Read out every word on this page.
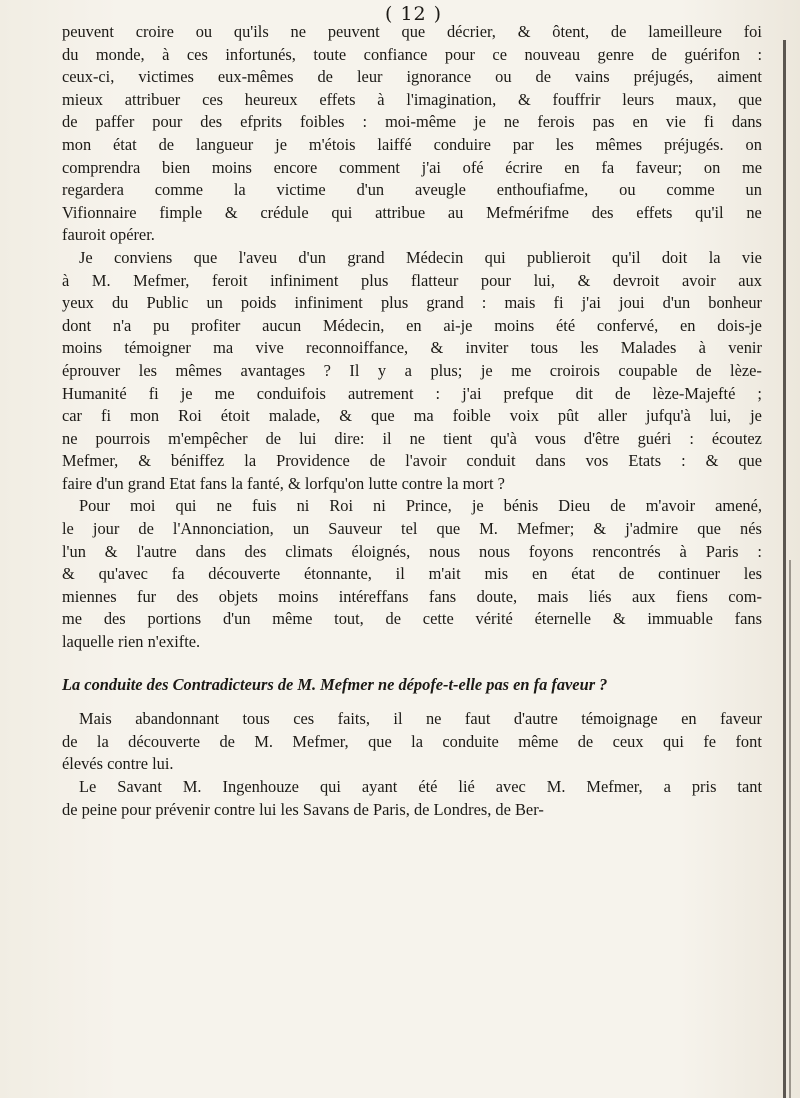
( 12 )
peuvent croire ou qu'ils ne peuvent que décrier, & ôtent, de lameilleure foi
du monde, à ces infortunés, toute confiance pour ce nouveau genre de guérifon :
ceux-ci, victimes eux-mêmes de leur ignorance ou de vains préjugés, aiment
mieux attribuer ces heureux effets à l'imagination, & fouffrir leurs maux, que
de paffer pour des efprits foibles : moi-même je ne ferois pas en vie fi dans
mon état de langueur je m'étois laiffé conduire par les mêmes préjugés. on
comprendra bien moins encore comment j'ai ofé écrire en fa faveur; on me
regardera comme la victime d'un aveugle enthoufiafme, ou comme un
Vifionnaire fimple & crédule qui attribue au Mefmérifme des effets qu'il ne
fauroit opérer.
Je conviens que l'aveu d'un grand Médecin qui publieroit qu'il doit la vie
à M. Mefmer, feroit infiniment plus flatteur pour lui, & devroit avoir aux
yeux du Public un poids infiniment plus grand : mais fi j'ai joui d'un bonheur
dont n'a pu profiter aucun Médecin, en ai-je moins été confervé, en dois-je
moins témoigner ma vive reconnoiffance, & inviter tous les Malades à venir
éprouver les mêmes avantages ? Il y a plus; je me croirois coupable de lèze-
Humanité fi je me conduifois autrement : j'ai prefque dit de lèze-Majefté ;
car fi mon Roi étoit malade, & que ma foible voix pût aller jufqu'à lui, je
ne pourrois m'empêcher de lui dire: il ne tient qu'à vous d'être guéri : écoutez
Mefmer, & béniffez la Providence de l'avoir conduit dans vos Etats : & que
faire d'un grand Etat fans la fanté, & lorfqu'on lutte contre la mort ?
Pour moi qui ne fuis ni Roi ni Prince, je bénis Dieu de m'avoir amené,
le jour de l'Annonciation, un Sauveur tel que M. Mefmer; & j'admire que nés
l'un & l'autre dans des climats éloignés, nous nous foyons rencontrés à Paris :
& qu'avec fa découverte étonnante, il m'ait mis en état de continuer les
miennes fur des objets moins intéreffans fans doute, mais liés aux fiens com-
me des portions d'un même tout, de cette vérité éternelle & immuable fans
laquelle rien n'exifte.
La conduite des Contradicteurs de M. Mefmer ne dépofe-t-elle pas en fa faveur ?
Mais abandonnant tous ces faits, il ne faut d'autre témoignage en faveur
de la découverte de M. Mefmer, que la conduite même de ceux qui fe font
élevés contre lui.
Le Savant M. Ingenhouze qui ayant été lié avec M. Mefmer, a pris tant
de peine pour prévenir contre lui les Savans de Paris, de Londres, de Ber-
